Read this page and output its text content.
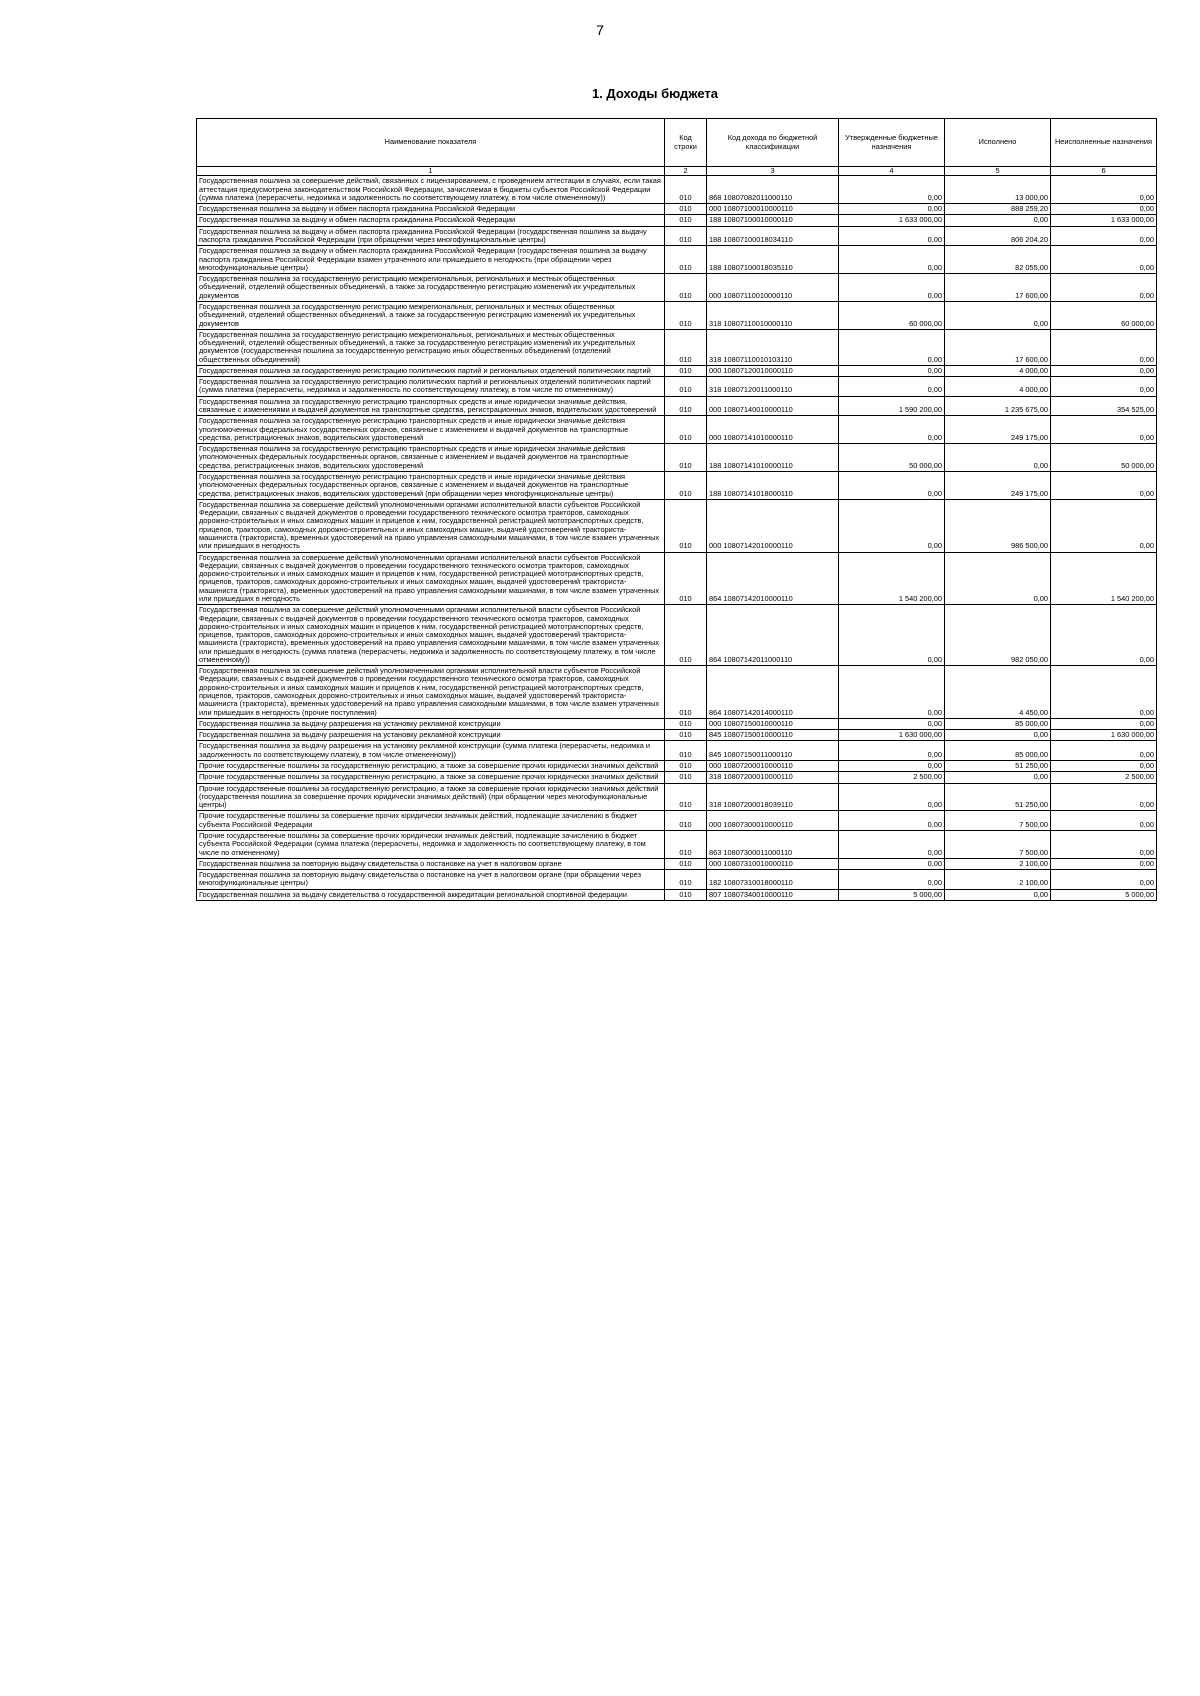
7
1. Доходы бюджета
Наименование показателя	Код строки	Код дохода по бюджетной классификации	Утвержденные бюджетные назначения	Исполнено	Неисполненные назначения
1	2	3	4	5	6
Государственная пошлина за совершение действий, связанных с лицензированием, с проведением аттестации в случаях, если такая аттестация предусмотрена законодательством Российской Федерации, зачисляемая в бюджеты субъектов Российской Федерации (сумма платежа (перерасчеты, недоимка и задолженность по соответствующему платежу, в том числе отмененному))	010	868 10807082011000110	0,00	13 000,00	0,00
Государственная пошлина за выдачу и обмен паспорта гражданина Российской Федерации	010	000 10807100010000110	0,00	888 259,20	0,00
Государственная пошлина за выдачу и обмен паспорта гражданина Российской Федерации	010	188 10807100010000110	1 633 000,00	0,00	1 633 000,00
Государственная пошлина за выдачу и обмен паспорта гражданина Российской Федерации (государственная пошлина за выдачу паспорта гражданина Российской Федерации (при обращении через многофункциональные центры)	010	188 10807100018034110	0,00	806 204,20	0,00
Государственная пошлина за выдачу и обмен паспорта гражданина Российской Федерации (государственная пошлина за выдачу паспорта гражданина Российской Федерации взамен утраченного или пришедшего в негодность (при обращении через многофункциональные центры)	010	188 10807100018035110	0,00	82 055,00	0,00
Государственная пошлина за государственную регистрацию межрегиональных, региональных и местных общественных объединений, отделений общественных объединений, а также за государственную регистрацию изменений их учредительных документов	010	000 10807110010000110	0,00	17 600,00	0,00
Государственная пошлина за государственную регистрацию межрегиональных, региональных и местных общественных объединений, отделений общественных объединений, а также за государственную регистрацию изменений их учредительных документов	010	318 10807110010000110	60 000,00	0,00	60 000,00
Государственная пошлина за государственную регистрацию межрегиональных, региональных и местных общественных объединений, отделений общественных объединений, а также за государственную регистрацию изменений их учредительных документов (государственная пошлина за государственную регистрацию иных общественных объединений (отделений общественных объединений)	010	318 10807110010103110	0,00	17 600,00	0,00
Государственная пошлина за государственную регистрацию политических партий и региональных отделений политических партий	010	000 10807120010000110	0,00	4 000,00	0,00
Государственная пошлина за государственную регистрацию политических партий и региональных отделений политических партий (сумма платежа (перерасчеты, недоимка и задолженность по соответствующему платежу, в том числе по отмененному)	010	318 10807120011000110	0,00	4 000,00	0,00
Государственная пошлина за государственную регистрацию транспортных средств и иные юридически значимые действия, связанные с изменениями и выдачей документов на транспортные средства, регистрационных знаков, водительских удостоверений	010	000 10807140010000110	1 590 200,00	1 235 675,00	354 525,00
Государственная пошлина за государственную регистрацию транспортных средств и иные юридически значимые действия уполномоченных федеральных государственных органов, связанные с изменением и выдачей документов на транспортные средства, регистрационных знаков, водительских удостоверений	010	000 10807141010000110	0,00	249 175,00	0,00
Государственная пошлина за государственную регистрацию транспортных средств и иные юридически значимые действия уполномоченных федеральных государственных органов, связанные с изменением и выдачей документов на транспортные средства, регистрационных знаков, водительских удостоверений	010	188 10807141010000110	50 000,00	0,00	50 000,00
Государственная пошлина за государственную регистрацию транспортных средств и иные юридически значимые действия уполномоченных федеральных государственных органов, связанные с изменением и выдачей документов на транспортные средства, регистрационных знаков, водительских удостоверений (при обращении через многофункциональные центры)	010	188 10807141018000110	0,00	249 175,00	0,00
Государственная пошлина за совершение действий уполномоченными органами исполнительной власти субъектов Российской Федерации, связанных с выдачей документов о проведении государственного технического осмотра тракторов, самоходных дорожно-строительных и иных самоходных машин и прицепов к ним, государственной регистрацией мототранспортных средств, прицепов, тракторов, самоходных дорожно-строительных и иных самоходных машин, выдачей удостоверений тракториста-машиниста (тракториста), временных удостоверений на право управления самоходными машинами, в том числе взамен утраченных или пришедших в негодность	010	000 10807142010000110	0,00	986 500,00	0,00
Государственная пошлина за совершение действий уполномоченными органами исполнительной власти субъектов Российской Федерации, связанных с выдачей документов о проведении государственного технического осмотра тракторов, самоходных дорожно-строительных и иных самоходных машин и прицепов к ним, государственной регистрацией мототранспортных средств, прицепов, тракторов, самоходных дорожно-строительных и иных самоходных машин, выдачей удостоверений тракториста-машиниста (тракториста), временных удостоверений на право управления самоходными машинами, в том числе взамен утраченных или пришедших в негодность	010	864 10807142010000110	1 540 200,00	0,00	1 540 200,00
Государственная пошлина за совершение действий уполномоченными органами исполнительной власти субъектов Российской Федерации, связанных с выдачей документов о проведении государственного технического осмотра тракторов, самоходных дорожно-строительных и иных самоходных машин и прицепов к ним, государственной регистрацией мототранспортных средств, прицепов, тракторов, самоходных дорожно-строительных и иных самоходных машин, выдачей удостоверений тракториста-машиниста (тракториста), временных удостоверений на право управления самоходными машинами, в том числе взамен утраченных или пришедших в негодность (сумма платежа (перерасчеты, недоимка и задолженность по соответствующему платежу, в том числе отмененному))	010	864 10807142011000110	0,00	982 050,00	0,00
Государственная пошлина за совершение действий уполномоченными органами исполнительной власти субъектов Российской Федерации, связанных с выдачей документов о проведении государственного технического осмотра тракторов, самоходных дорожно-строительных и иных самоходных машин и прицепов к ним, государственной регистрацией мототранспортных средств, прицепов, тракторов, самоходных дорожно-строительных и иных самоходных машин, выдачей удостоверений тракториста-машиниста (тракториста), временных удостоверений на право управления самоходными машинами, в том числе взамен утраченных или пришедших в негодность (прочие поступления)	010	864 10807142014000110	0,00	4 450,00	0,00
Государственная пошлина за выдачу разрешения на установку рекламной конструкции	010	000 10807150010000110	0,00	85 000,00	0,00
Государственная пошлина за выдачу разрешения на установку рекламной конструкции	010	845 10807150010000110	1 630 000,00	0,00	1 630 000,00
Государственная пошлина за выдачу разрешения на установку рекламной конструкции (сумма платежа (перерасчеты, недоимка и задолженность по соответствующему платежу, в том числе отмененному))	010	845 10807150011000110	0,00	85 000,00	0,00
Прочие государственные пошлины за государственную регистрацию, а также за совершение прочих юридически значимых действий	010	000 10807200010000110	0,00	51 250,00	0,00
Прочие государственные пошлины за государственную регистрацию, а также за совершение прочих юридически значимых действий	010	318 10807200010000110	2 500,00	0,00	2 500,00
Прочие государственные пошлины за государственную регистрацию, а также за совершение прочих юридически значимых действий (государственная пошлина за совершение прочих юридически значимых действий) (при обращении через многофункциональные центры)	010	318 10807200018039110	0,00	51 250,00	0,00
Прочие государственные пошлины за совершение прочих юридически значимых действий, подлежащие зачислению в бюджет субъекта Российской Федерации	010	000 10807300010000110	0,00	7 500,00	0,00
Прочие государственные пошлины за совершение прочих юридически значимых действий, подлежащие зачислению в бюджет субъекта Российской Федерации (сумма платежа (перерасчеты, недоимка и задолженность по соответствующему платежу, в том числе по отмененному)	010	863 10807300011000110	0,00	7 500,00	0,00
Государственная пошлина за повторную выдачу свидетельства о постановке на учет в налоговом органе	010	000 10807310010000110	0,00	2 100,00	0,00
Государственная пошлина за повторную выдачу свидетельства о постановке на учет в налоговом органе (при обращении через многофункциональные центры)	010	182 10807310018000110	0,00	2 100,00	0,00
Государственная пошлина за выдачу свидетельства о государственной аккредитации региональной спортивной федерации	010	807 10807340010000110	5 000,00	0,00	5 000,00
